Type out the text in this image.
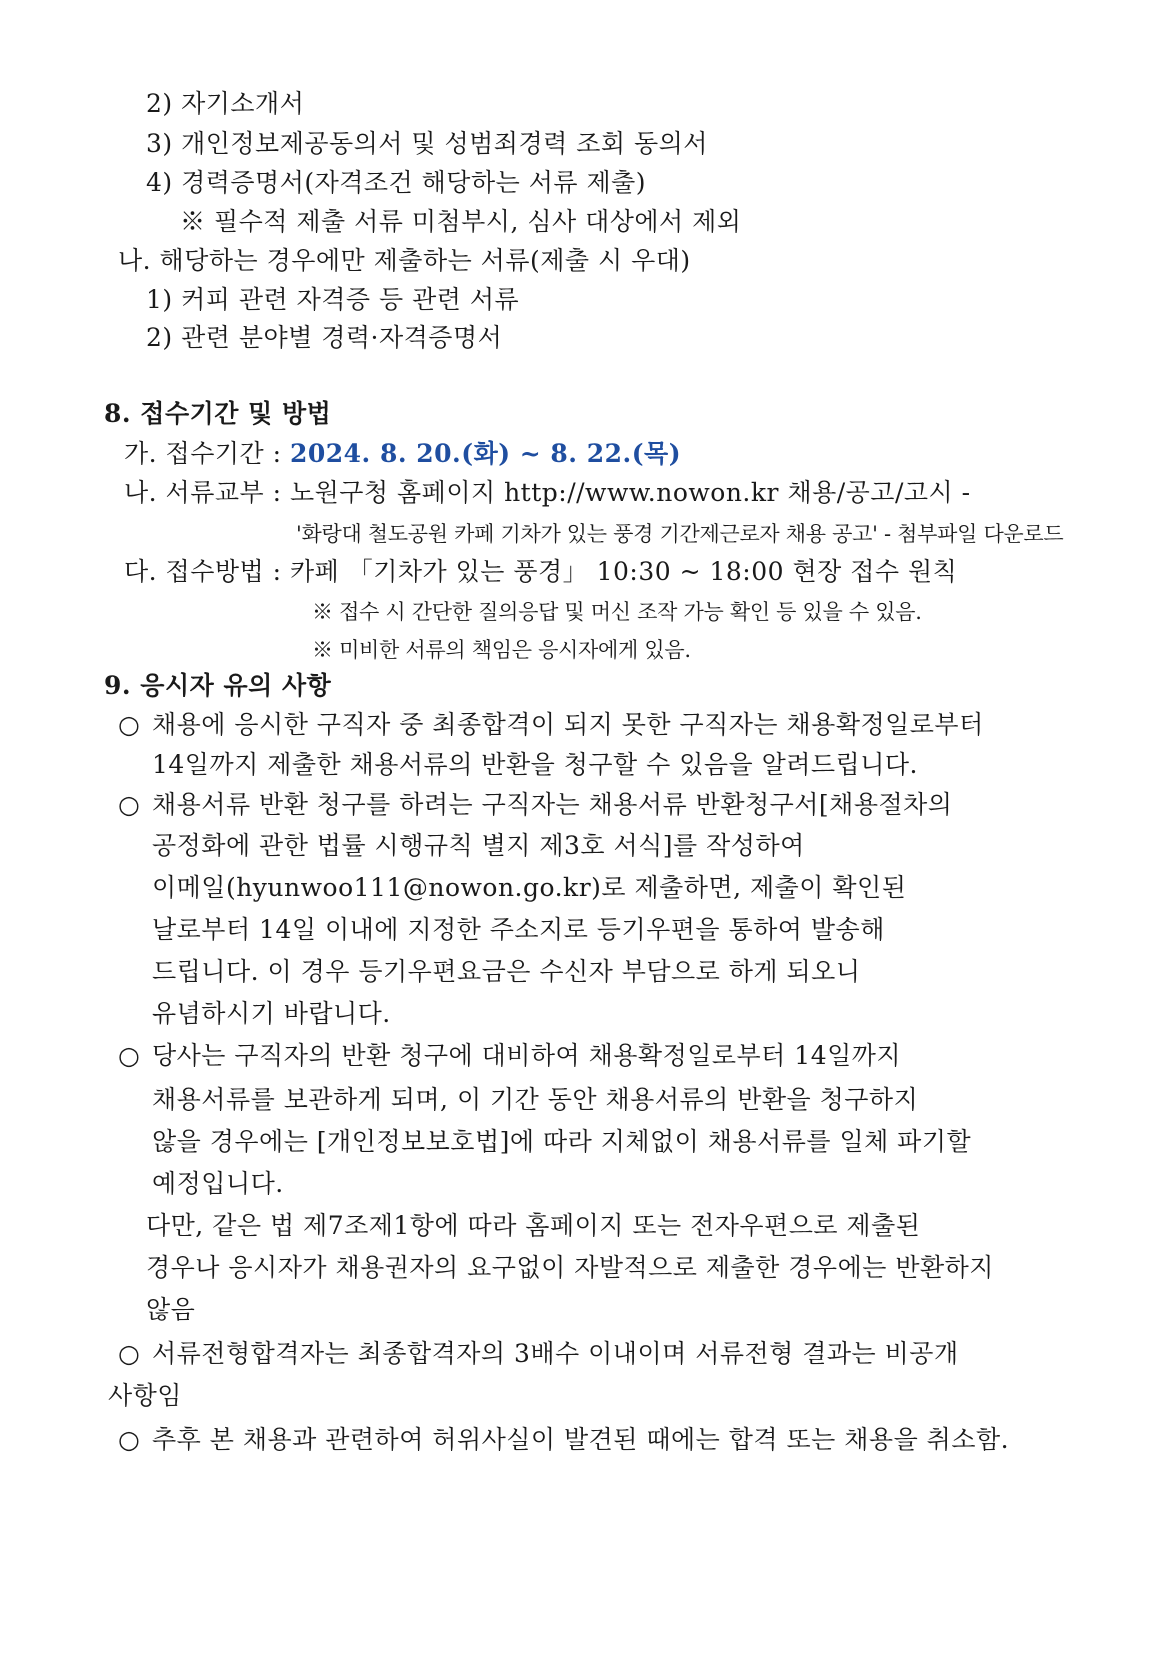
2) 자기소개서
3) 개인정보제공동의서 및 성범죄경력 조회 동의서
4) 경력증명서(자격조건 해당하는 서류 제출)
※ 필수적 제출 서류 미첨부시, 심사 대상에서 제외
나. 해당하는 경우에만 제출하는 서류(제출 시 우대)
1) 커피 관련 자격증 등 관련 서류
2) 관련 분야별 경력·자격증명서
8. 접수기간 및 방법
가. 접수기간 : 2024. 8. 20.(화) ~ 8. 22.(목)
나. 서류교부 : 노원구청 홈페이지 http://www.nowon.kr 채용/공고/고시 -
'화랑대 철도공원 카페 기차가 있는 풍경 기간제근로자 채용 공고' - 첨부파일 다운로드
다. 접수방법 : 카페 「기차가 있는 풍경」 10:30 ~ 18:00 현장 접수 원칙
※ 접수 시 간단한 질의응답 및 머신 조작 가능 확인 등 있을 수 있음.
※ 미비한 서류의 책임은 응시자에게 있음.
9. 응시자 유의 사항
○ 채용에 응시한 구직자 중 최종합격이 되지 못한 구직자는 채용확정일로부터
14일까지 제출한 채용서류의 반환을 청구할 수 있음을 알려드립니다.
○ 채용서류 반환 청구를 하려는 구직자는 채용서류 반환청구서[채용절차의
공정화에 관한 법률 시행규칙 별지 제3호 서식]를 작성하여
이메일(hyunwoo111@nowon.go.kr)로 제출하면, 제출이 확인된
날로부터 14일 이내에 지정한 주소지로 등기우편을 통하여 발송해
드립니다. 이 경우 등기우편요금은 수신자 부담으로 하게 되오니
유념하시기 바랍니다.
○ 당사는 구직자의 반환 청구에 대비하여 채용확정일로부터 14일까지
채용서류를 보관하게 되며, 이 기간 동안 채용서류의 반환을 청구하지
않을 경우에는 [개인정보보호법]에 따라 지체없이 채용서류를 일체 파기할
예정입니다.
다만, 같은 법 제7조제1항에 따라 홈페이지 또는 전자우편으로 제출된
경우나 응시자가 채용권자의 요구없이 자발적으로 제출한 경우에는 반환하지
않음
○ 서류전형합격자는 최종합격자의 3배수 이내이며 서류전형 결과는 비공개
사항임
○ 추후 본 채용과 관련하여 허위사실이 발견된 때에는 합격 또는 채용을 취소함.
